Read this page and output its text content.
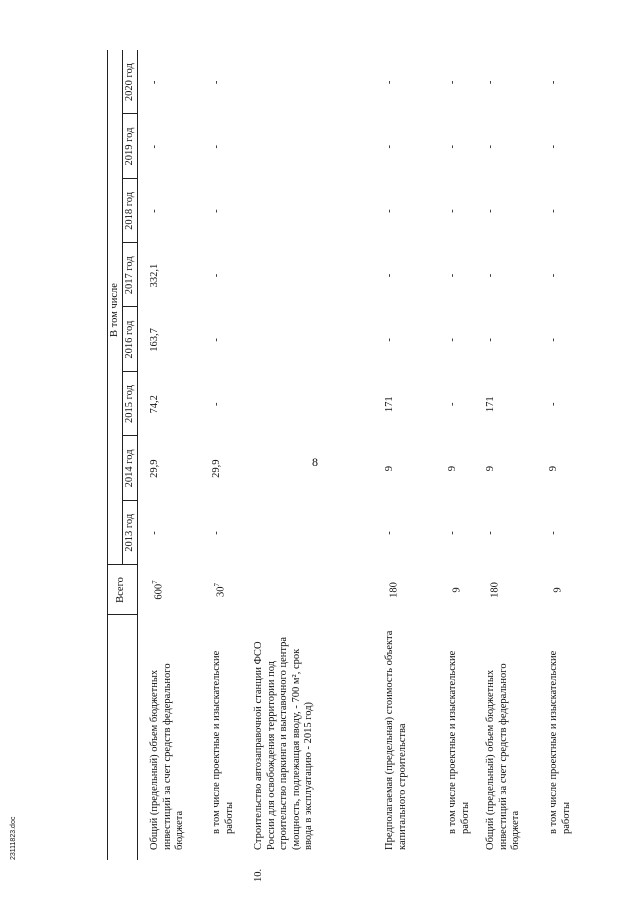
8
23111823.doc
Всего
В том числе
2013 год
2014 год
2015 год
2016 год
2017 год
2018 год
2019 год
2020 год
Общий (предельный) объем бюджетных инвестиций за счет средств федерального бюджета
$600^7$
-
29,9
74,2
163,7
332,1
-
-
-
в том числе проектные и изыскательские работы
$30^7$
-
29,9
-
-
-
-
-
-
10.
Строительство автозаправочной станции ФСО России для освобождения территории под строительство паркинга и выставочного центра (мощность, подлежащая вводу, - 700 м², срок ввода в эксплуатацию - 2015 год)	Предполагаемая (предельная) стоимость объекта капитального строительства
180
-
9
171
-
-
-
-
-
в том числе проектные и изыскательские работы
9
-
9
-
-
-
-
-
-
Общий (предельный) объем бюджетных инвестиций за счет средств федерального бюджета
180
-
9
171
-
-
-
-
-
в том числе проектные и изыскательские работы
9
-
9
-
-
-
-
-
-
